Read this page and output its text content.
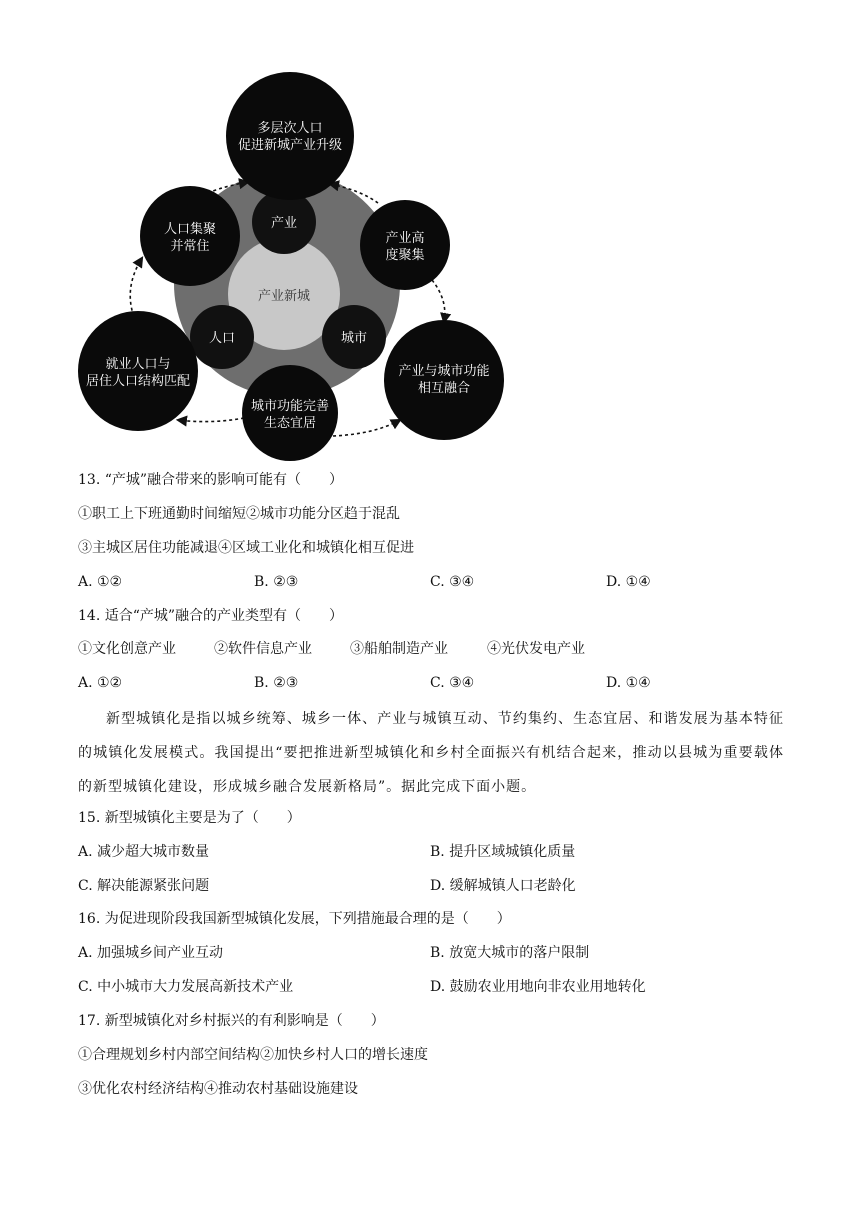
产业新城
产业
人口	城市
多层次人口
促进新城产业升级
人口集聚
并常住
产业高
度聚集
就业人口与
居住人口结构匹配
产业与城市功能
相互融合
城市功能完善
生态宜居
13. “产城”融合带来的影响可能有（　　）
①职工上下班通勤时间缩短②城市功能分区趋于混乱
③主城区居住功能减退④区域工业化和城镇化相互促进
A. ①②	B. ②③	C. ③④	D. ①④
14. 适合“产城”融合的产业类型有（　　）
①文化创意产业	②软件信息产业	③船舶制造产业	④光伏发电产业
A. ①②	B. ②③	C. ③④	D. ①④
新型城镇化是指以城乡统筹、城乡一体、产业与城镇互动、节约集约、生态宜居、和谐发展为基本特征的城镇化发展模式。我国提出“要把推进新型城镇化和乡村全面振兴有机结合起来，推动以县城为重要载体的新型城镇化建设，形成城乡融合发展新格局”。据此完成下面小题。
15. 新型城镇化主要是为了（　　）
A. 减少超大城市数量	B. 提升区域城镇化质量
C. 解决能源紧张问题	D. 缓解城镇人口老龄化
16. 为促进现阶段我国新型城镇化发展，下列措施最合理的是（　　）
A. 加强城乡间产业互动	B. 放宽大城市的落户限制
C. 中小城市大力发展高新技术产业	D. 鼓励农业用地向非农业用地转化
17. 新型城镇化对乡村振兴的有利影响是（　　）
①合理规划乡村内部空间结构②加快乡村人口的增长速度
③优化农村经济结构④推动农村基础设施建设
